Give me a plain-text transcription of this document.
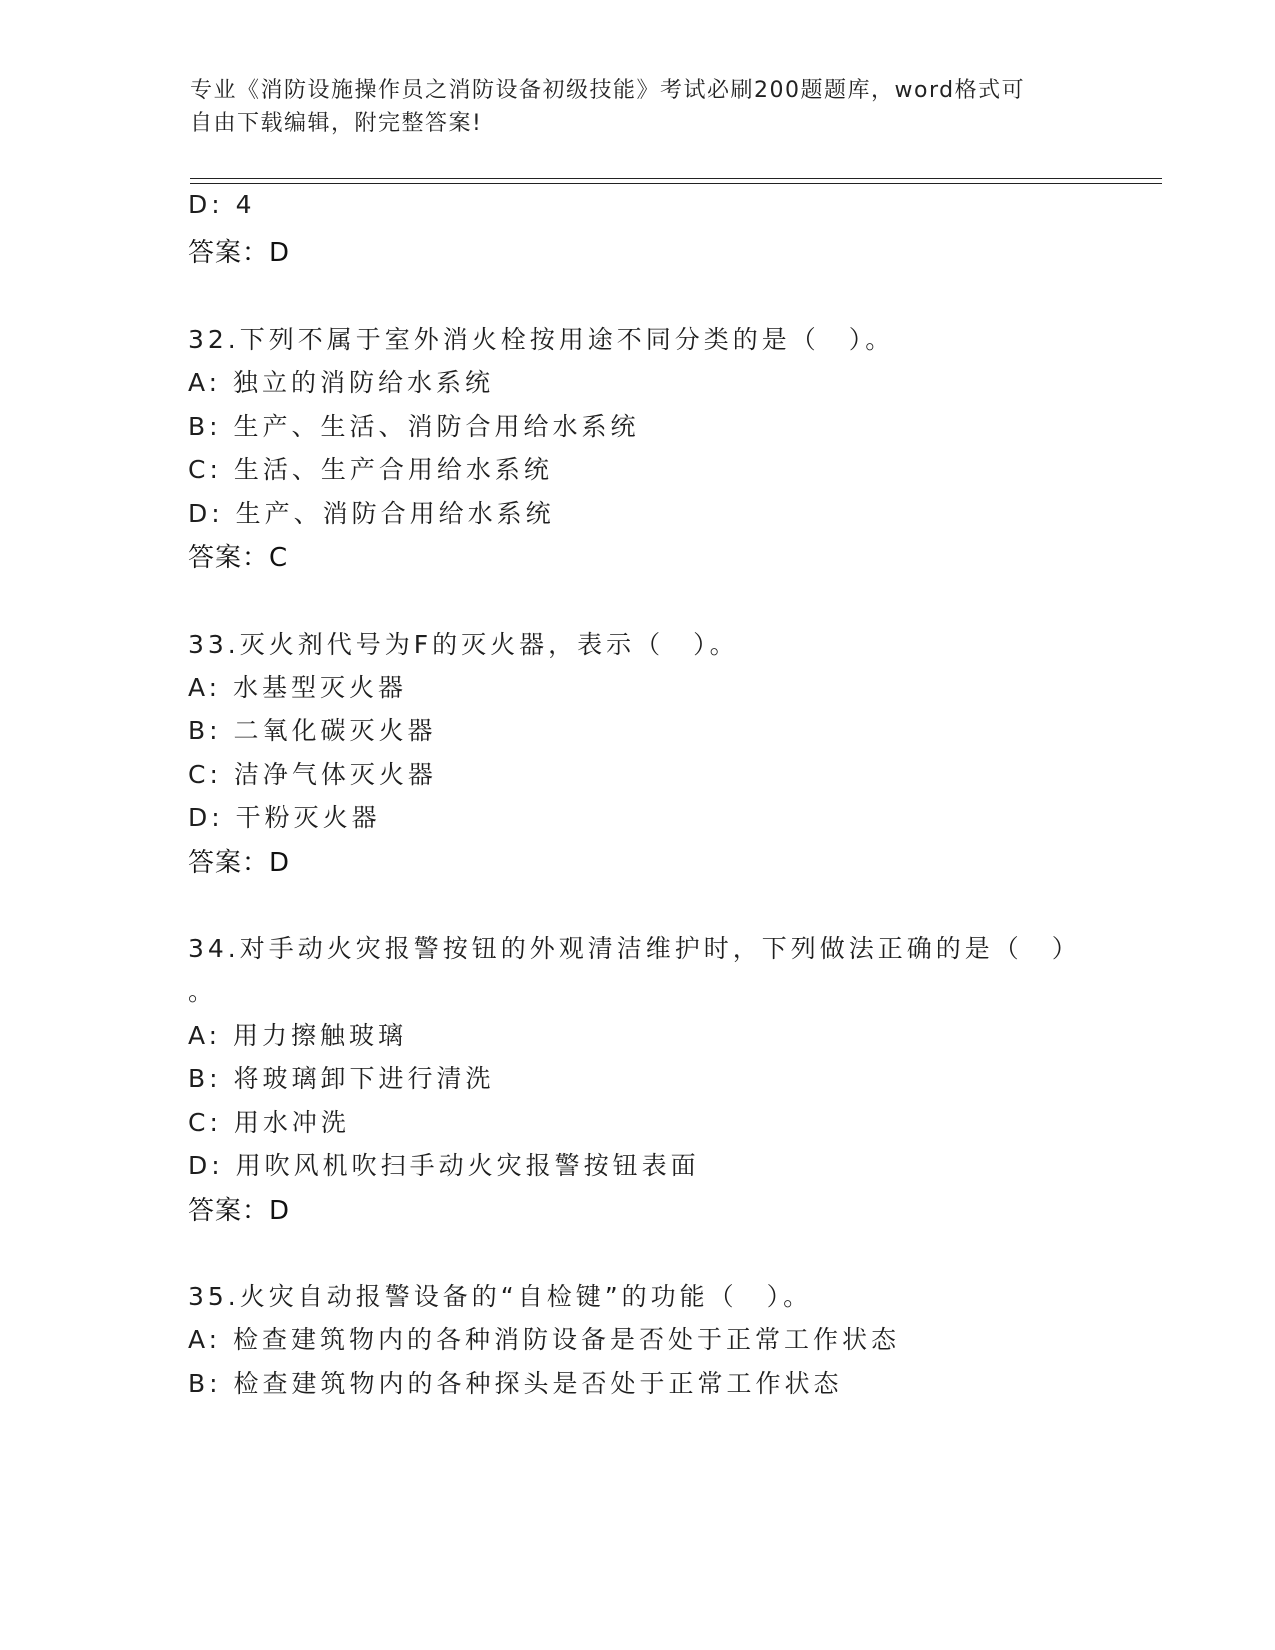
专业《消防设施操作员之消防设备初级技能》考试必刷200题题库，word格式可
自由下载编辑，附完整答案!
D: 4
答案：D
32.下列不属于室外消火栓按用途不同分类的是（　）。
A: 独立的消防给水系统
B: 生产、生活、消防合用给水系统
C: 生活、生产合用给水系统
D: 生产、消防合用给水系统
答案：C
33.灭火剂代号为F的灭火器，表示（　）。
A: 水基型灭火器
B: 二氧化碳灭火器
C: 洁净气体灭火器
D: 干粉灭火器
答案：D
34.对手动火灾报警按钮的外观清洁维护时，下列做法正确的是（　）
。
A: 用力擦触玻璃
B: 将玻璃卸下进行清洗
C: 用水冲洗
D: 用吹风机吹扫手动火灾报警按钮表面
答案：D
35.火灾自动报警设备的“自检键”的功能（　）。
A: 检查建筑物内的各种消防设备是否处于正常工作状态
B: 检查建筑物内的各种探头是否处于正常工作状态
